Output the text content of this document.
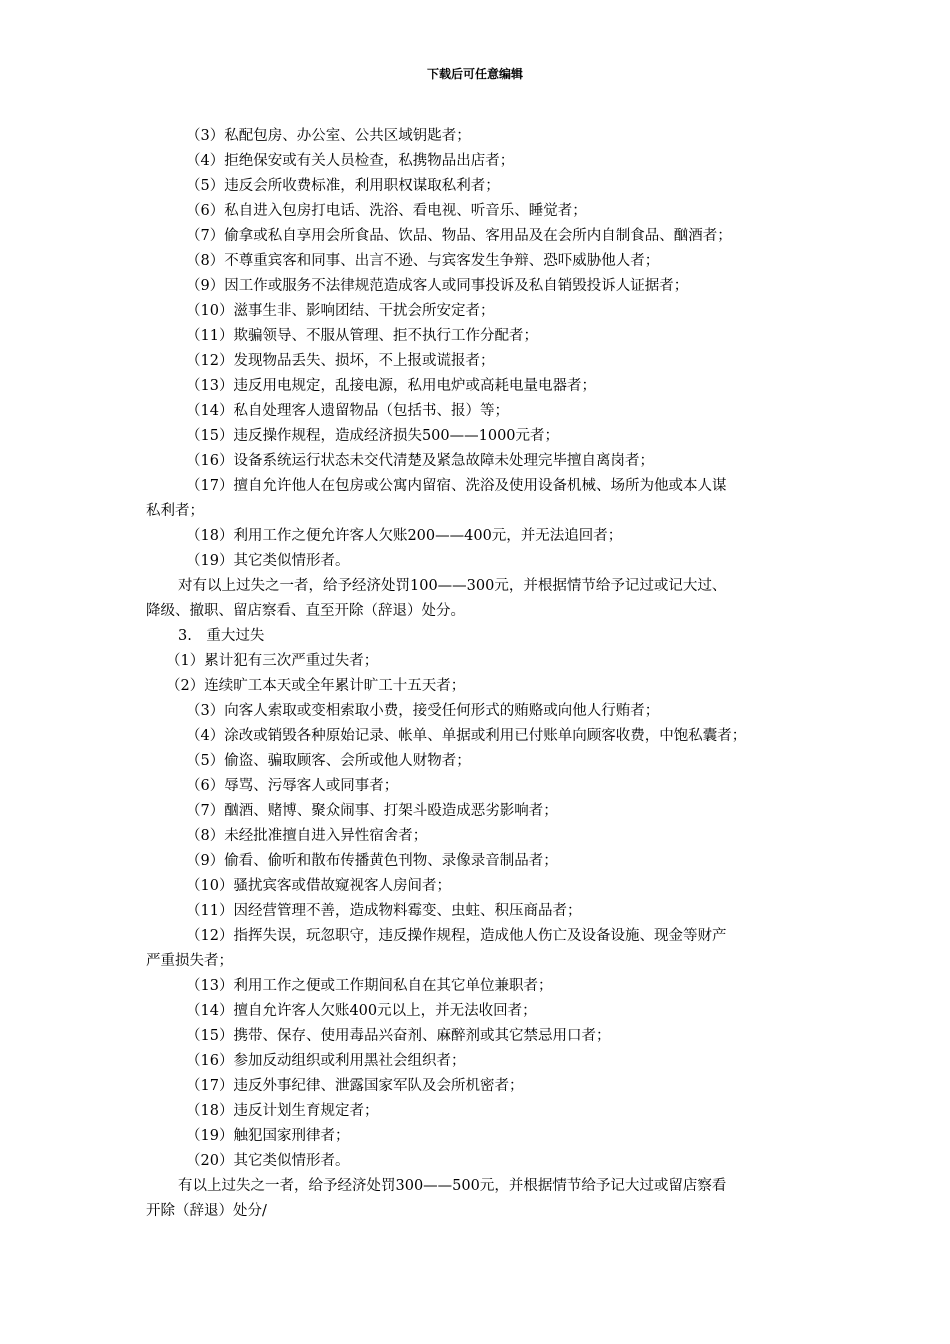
下载后可任意编辑
（3）私配包房、办公室、公共区域钥匙者；
（4）拒绝保安或有关人员检查，私携物品出店者；
（5）违反会所收费标准，利用职权谋取私利者；
（6）私自进入包房打电话、洗浴、看电视、听音乐、睡觉者；
（7）偷拿或私自享用会所食品、饮品、物品、客用品及在会所内自制食品、酗酒者；
（8）不尊重宾客和同事、出言不逊、与宾客发生争辩、恐吓威胁他人者；
（9）因工作或服务不法律规范造成客人或同事投诉及私自销毁投诉人证据者；
（10）滋事生非、影响团结、干扰会所安定者；
（11）欺骗领导、不服从管理、拒不执行工作分配者；
（12）发现物品丢失、损坏，不上报或谎报者；
（13）违反用电规定，乱接电源，私用电炉或高耗电量电器者；
（14）私自处理客人遗留物品（包括书、报）等；
（15）违反操作规程，造成经济损失500——1000元者；
（16）设备系统运行状态未交代清楚及紧急故障未处理完毕擅自离岗者；
（17）擅自允许他人在包房或公寓内留宿、洗浴及使用设备机械、场所为他或本人谋
私利者；
（18）利用工作之便允许客人欠账200——400元，并无法追回者；
（19）其它类似情形者。
对有以上过失之一者，给予经济处罚100——300元，并根据情节给予记过或记大过、
降级、撤职、留店察看、直至开除（辞退）处分。
3.　重大过失
（1）累计犯有三次严重过失者；
（2）连续旷工本天或全年累计旷工十五天者；
（3）向客人索取或变相索取小费，接受任何形式的贿赂或向他人行贿者；
（4）涂改或销毁各种原始记录、帐单、单据或利用已付账单向顾客收费，中饱私囊者；
（5）偷盗、骗取顾客、会所或他人财物者；
（6）辱骂、污辱客人或同事者；
（7）酗酒、赌博、聚众闹事、打架斗殴造成恶劣影响者；
（8）未经批准擅自进入异性宿舍者；
（9）偷看、偷听和散布传播黄色刊物、录像录音制品者；
（10）骚扰宾客或借故窥视客人房间者；
（11）因经营管理不善，造成物料霉变、虫蛀、积压商品者；
（12）指挥失误，玩忽职守，违反操作规程，造成他人伤亡及设备设施、现金等财产
严重损失者；
（13）利用工作之便或工作期间私自在其它单位兼职者；
（14）擅自允许客人欠账400元以上，并无法收回者；
（15）携带、保存、使用毒品兴奋剂、麻醉剂或其它禁忌用口者；
（16）参加反动组织或利用黑社会组织者；
（17）违反外事纪律、泄露国家军队及会所机密者；
（18）违反计划生育规定者；
（19）触犯国家刑律者；
（20）其它类似情形者。
有以上过失之一者，给予经济处罚300——500元，并根据情节给予记大过或留店察看
开除（辞退）处分/
